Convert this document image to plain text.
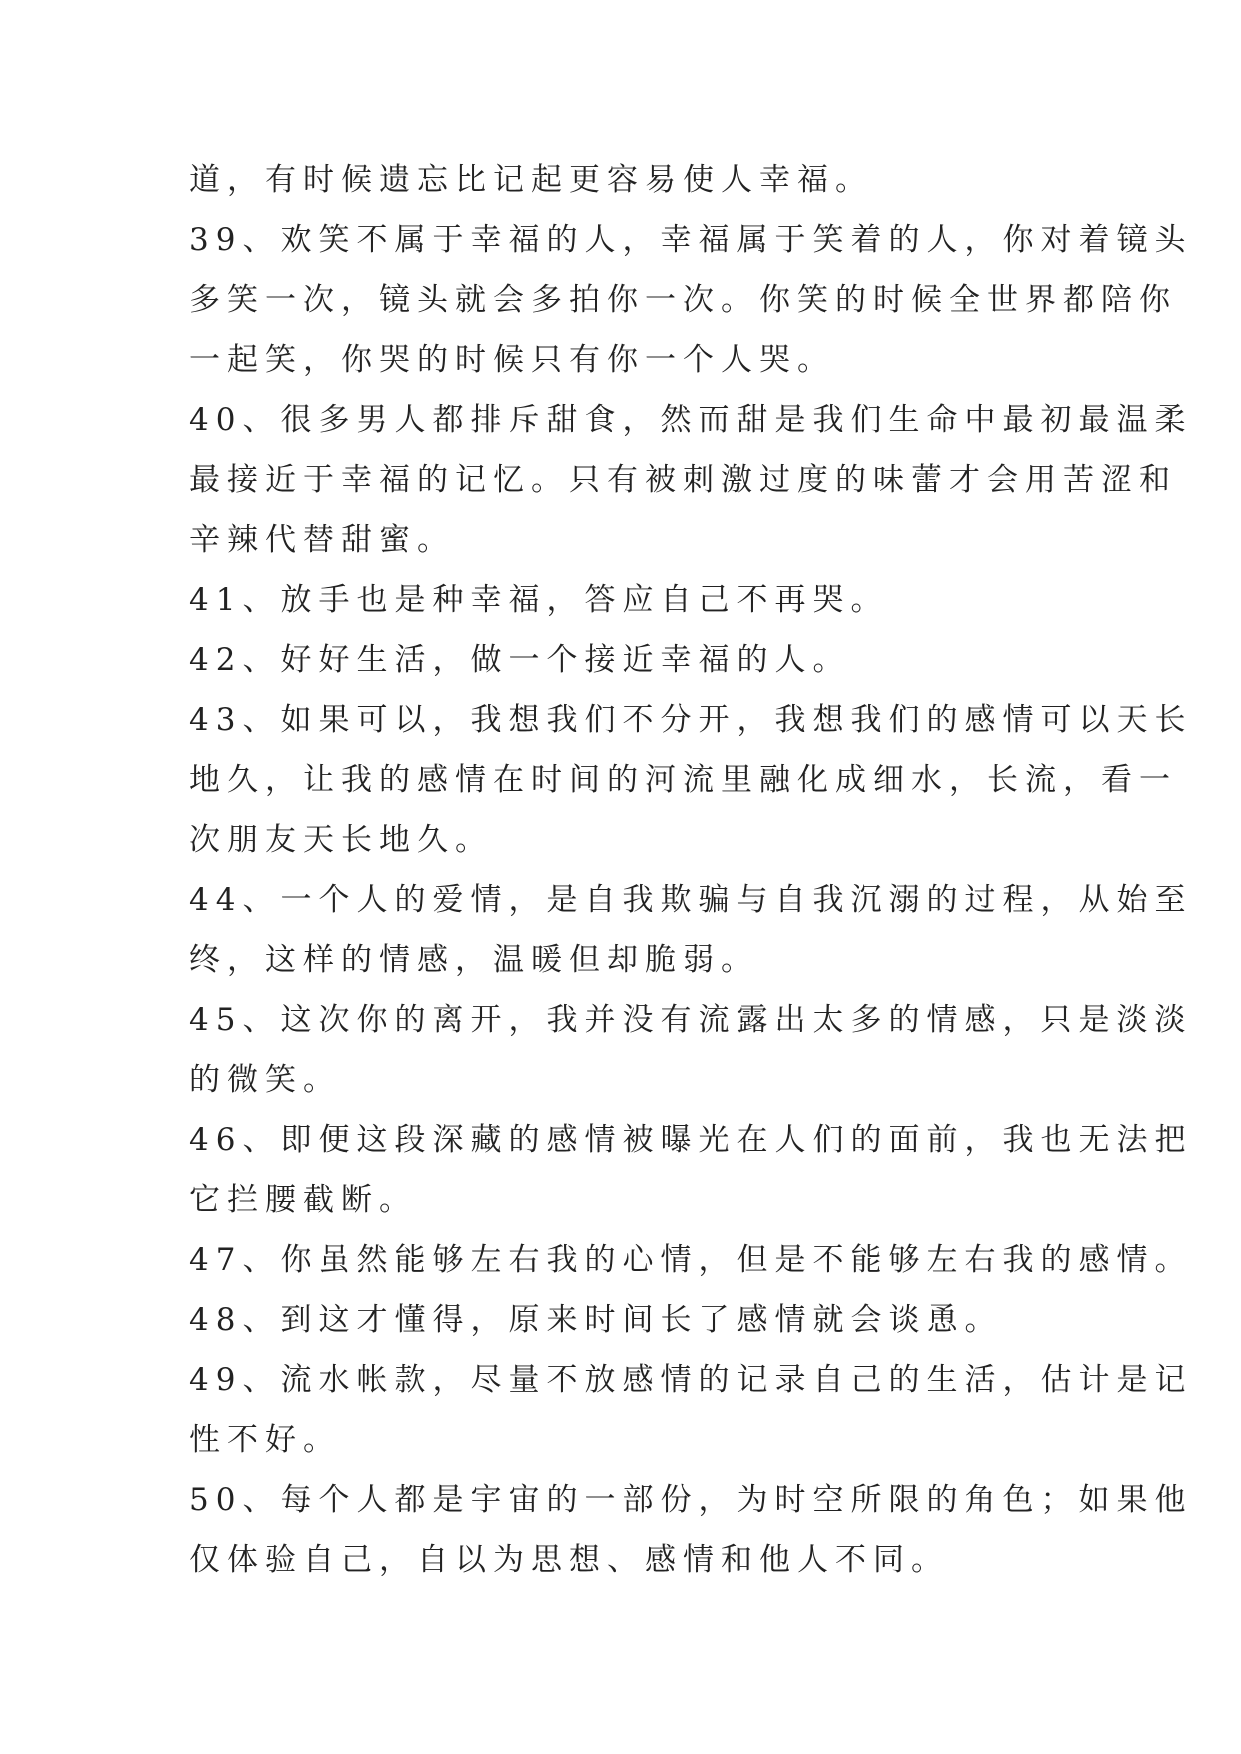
道，有时候遗忘比记起更容易使人幸福。
39、欢笑不属于幸福的人，幸福属于笑着的人，你对着镜头
多笑一次，镜头就会多拍你一次。你笑的时候全世界都陪你
一起笑，你哭的时候只有你一个人哭。
40、很多男人都排斥甜食，然而甜是我们生命中最初最温柔
最接近于幸福的记忆。只有被刺激过度的味蕾才会用苦涩和
辛辣代替甜蜜。
41、放手也是种幸福，答应自己不再哭。
42、好好生活，做一个接近幸福的人。
43、如果可以，我想我们不分开，我想我们的感情可以天长
地久，让我的感情在时间的河流里融化成细水，长流，看一
次朋友天长地久。
44、一个人的爱情，是自我欺骗与自我沉溺的过程，从始至
终，这样的情感，温暖但却脆弱。
45、这次你的离开，我并没有流露出太多的情感，只是淡淡
的微笑。
46、即便这段深藏的感情被曝光在人们的面前，我也无法把
它拦腰截断。
47、你虽然能够左右我的心情，但是不能够左右我的感情。
48、到这才懂得，原来时间长了感情就会谈恿。
49、流水帐款，尽量不放感情的记录自己的生活，估计是记
性不好。
50、每个人都是宇宙的一部份，为时空所限的角色；如果他
仅体验自己，自以为思想、感情和他人不同。
